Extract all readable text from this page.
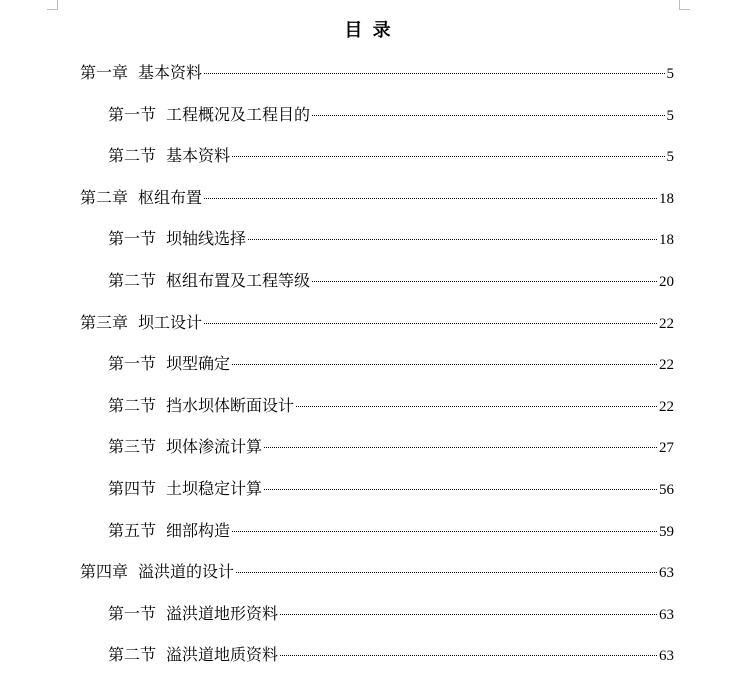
目 录
第一章 基本资料	5
第一节 工程概况及工程目的	5
第二节 基本资料	5
第二章 枢组布置	18
第一节 坝轴线选择	18
第二节 枢组布置及工程等级	20
第三章 坝工设计	22
第一节 坝型确定	22
第二节 挡水坝体断面设计	22
第三节 坝体渗流计算	27
第四节 土坝稳定计算	56
第五节 细部构造	59
第四章 溢洪道的设计	63
第一节 溢洪道地形资料	63
第二节 溢洪道地质资料	63
